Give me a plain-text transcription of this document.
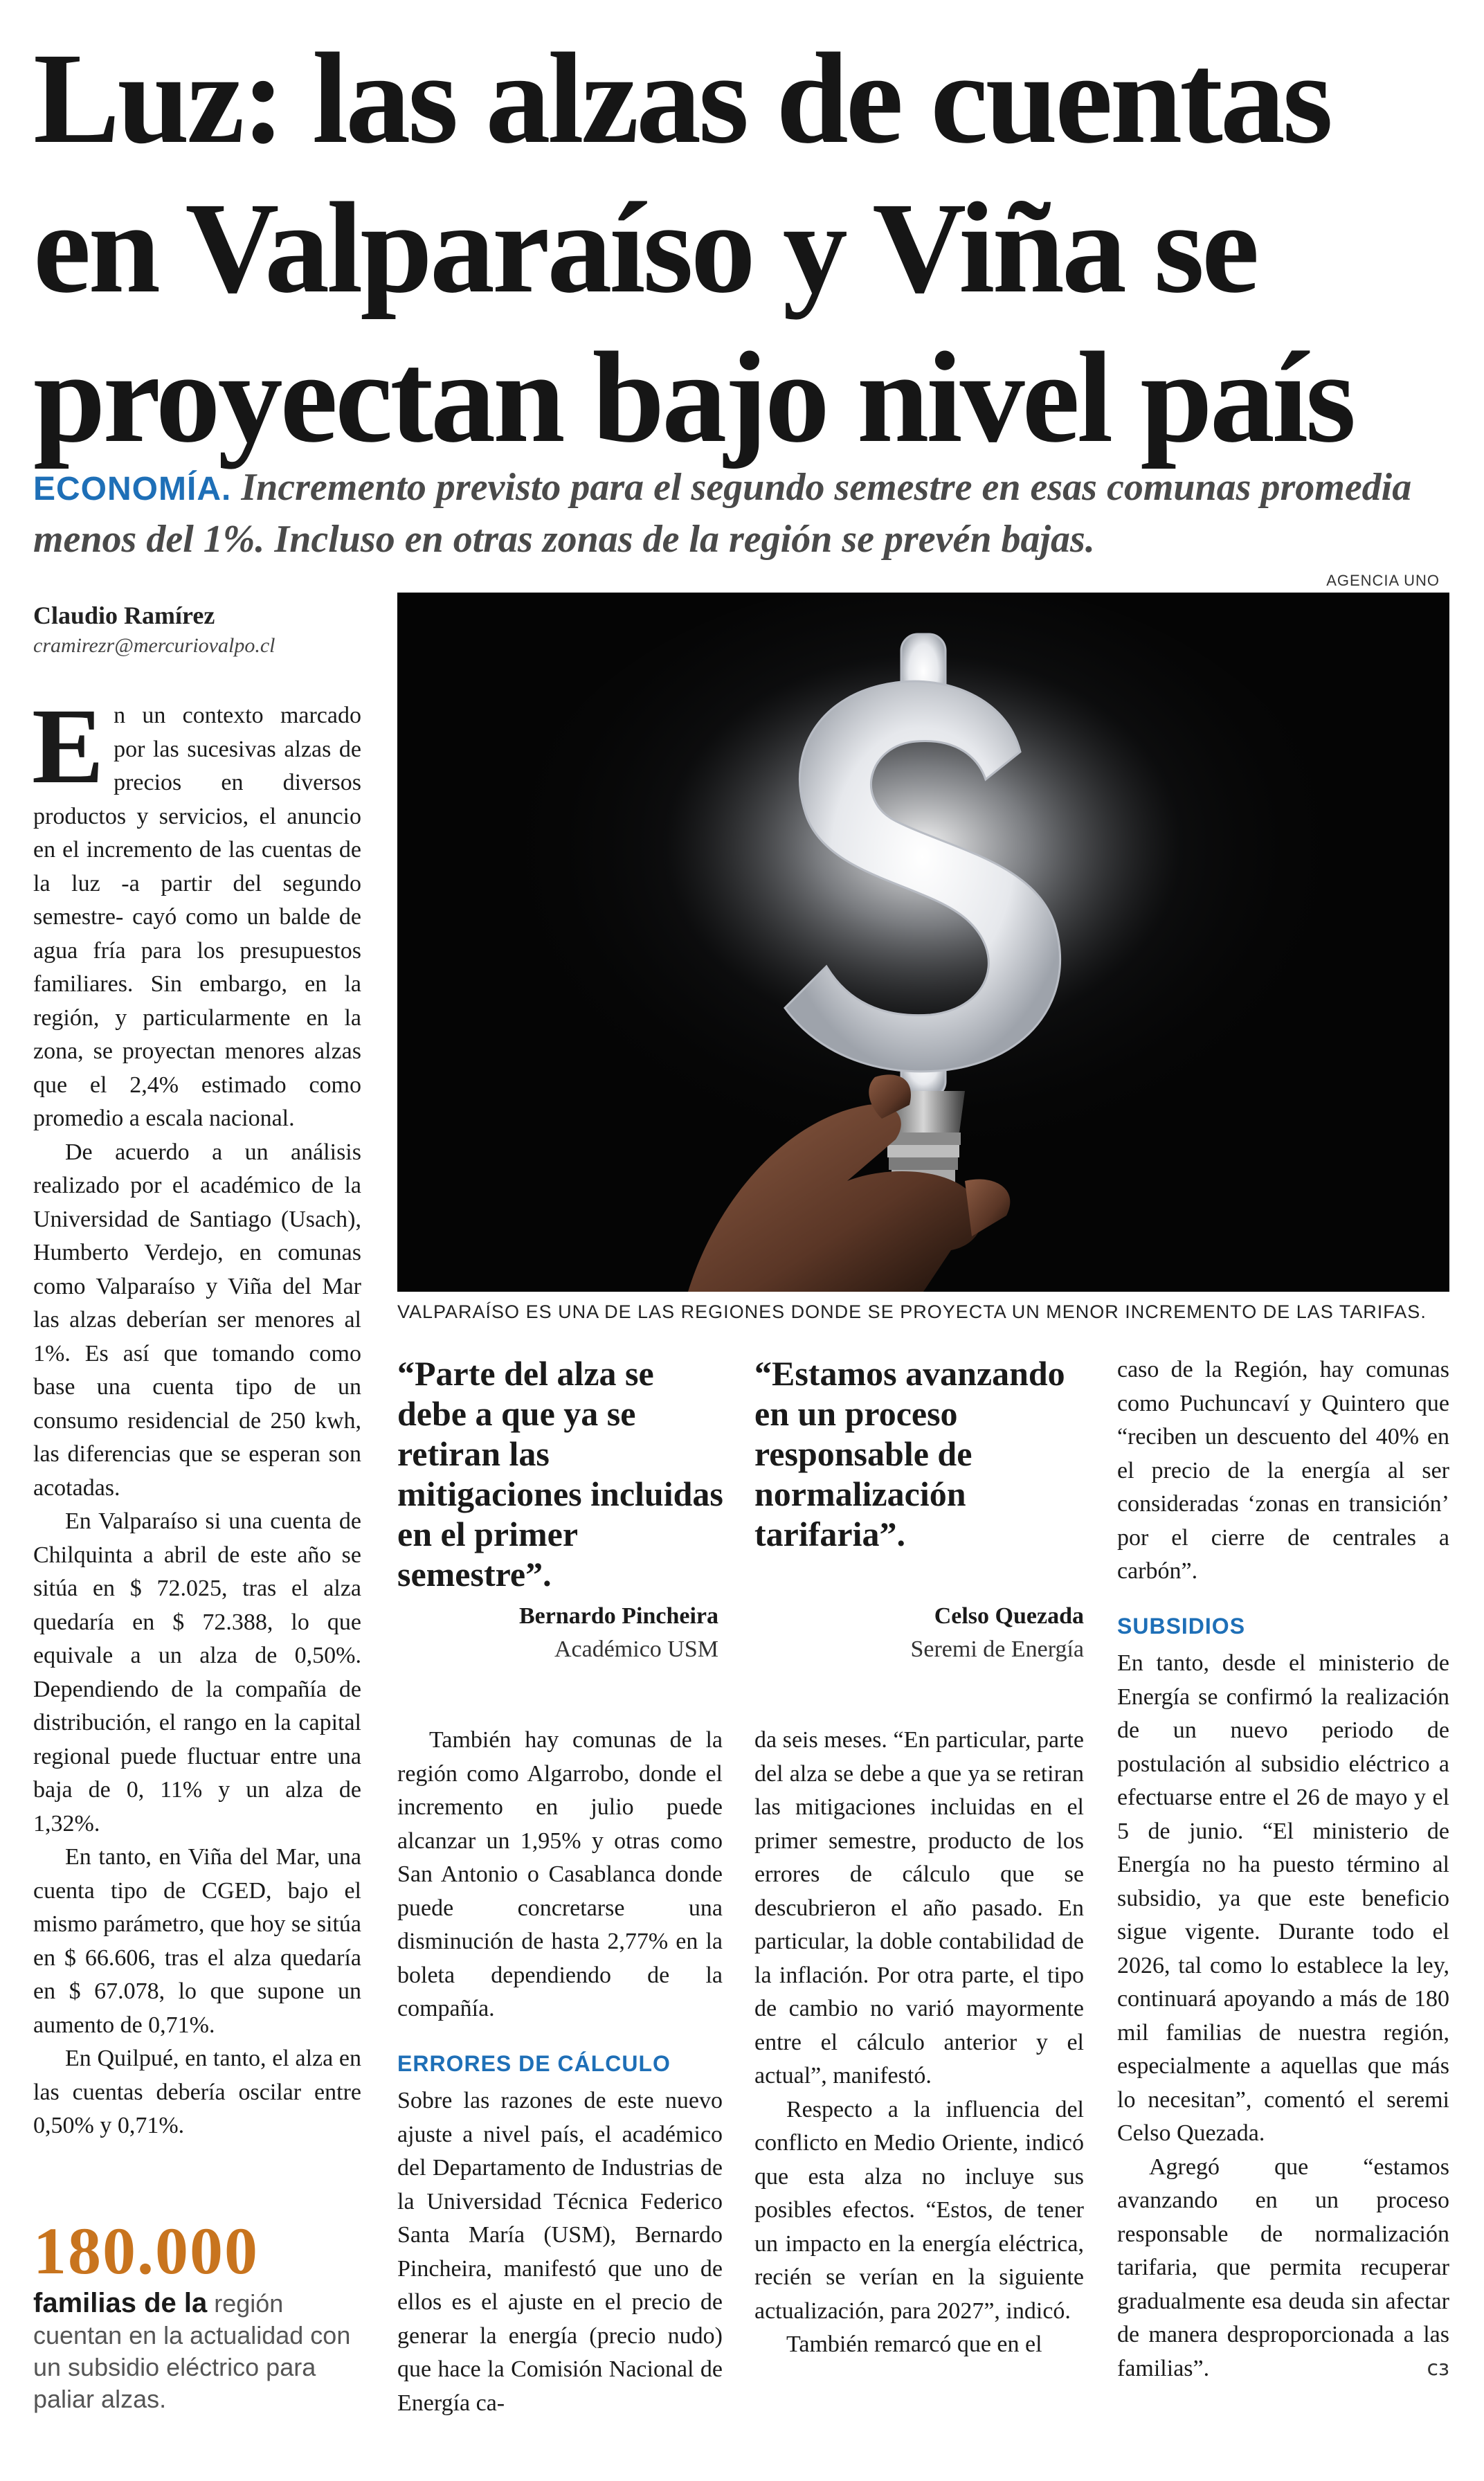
Luz: las alzas de cuentas
en Valparaíso y Viña se
proyectan bajo nivel país
ECONOMÍA. Incremento previsto para el segundo semestre en esas comunas promedia menos del 1%. Incluso en otras zonas de la región se prevén bajas.
AGENCIA UNO
Claudio Ramírez
cramirezr@mercuriovalpo.cl

En un contexto marcado por las sucesivas alzas de precios en diversos productos y servicios, el anuncio en el incremento de las cuentas de la luz -a partir del segundo semestre- cayó como un balde de agua fría para los presupuestos familiares. Sin embargo, en la región, y particularmente en la zona, se proyectan menores alzas que el 2,4% estimado como promedio a escala nacional.

De acuerdo a un análisis realizado por el académico de la Universidad de Santiago (Usach), Humberto Verdejo, en comunas como Valparaíso y Viña del Mar las alzas deberían ser menores al 1%. Es así que tomando como base una cuenta tipo de un consumo residencial de 250 kwh, las diferencias que se esperan son acotadas.

En Valparaíso si una cuenta de Chilquinta a abril de este año se sitúa en $ 72.025, tras el alza quedaría en $ 72.388, lo que equivale a un alza de 0,50%. Dependiendo de la compañía de distribución, el rango en la capital regional puede fluctuar entre una baja de 0, 11% y un alza de 1,32%.

En tanto, en Viña del Mar, una cuenta tipo de CGED, bajo el mismo parámetro, que hoy se sitúa en $ 66.606, tras el alza quedaría en $ 67.078, lo que supone un aumento de 0,71%.

En Quilpué, en tanto, el alza en las cuentas debería oscilar entre 0,50% y 0,71%.

180.000
familias de la región cuentan en la actualidad con un subsidio eléctrico para paliar alzas.
VALPARAÍSO ES UNA DE LAS REGIONES DONDE SE PROYECTA UN MENOR INCREMENTO DE LAS TARIFAS.
“Parte del alza se debe a que ya se retiran las mitigaciones incluidas en el primer semestre”.
Bernardo Pincheira
Académico USM
“Estamos avanzando en un proceso responsable de normalización tarifaria”.
Celso Quezada
Seremi de Energía

También hay comunas de la región como Algarrobo, donde el incremento en julio puede alcanzar un 1,95% y otras como San Antonio o Casablanca donde puede concretarse una disminución de hasta 2,77% en la boleta dependiendo de la compañía.

ERRORES DE CÁLCULO

Sobre las razones de este nuevo ajuste a nivel país, el académico del Departamento de Industrias de la Universidad Técnica Federico Santa María (USM), Bernardo Pincheira, manifestó que uno de ellos es el ajuste en el precio de generar la energía (precio nudo) que hace la Comisión Nacional de Energía ca-

da seis meses. “En particular, parte del alza se debe a que ya se retiran las mitigaciones incluidas en el primer semestre, producto de los errores de cálculo que se descubrieron el año pasado. En particular, la doble contabilidad de la inflación. Por otra parte, el tipo de cambio no varió mayormente entre el cálculo anterior y el actual”, manifestó.

Respecto a la influencia del conflicto en Medio Oriente, indicó que esta alza no incluye sus posibles efectos. “Estos, de tener un impacto en la energía eléctrica, recién se verían en la siguiente actualización, para 2027”, indicó.

También remarcó que en el

caso de la Región, hay comunas como Puchuncaví y Quintero que “reciben un descuento del 40% en el precio de la energía al ser consideradas ‘zonas en transición’ por el cierre de centrales a carbón”.

SUBSIDIOS

En tanto, desde el ministerio de Energía se confirmó la realización de un nuevo periodo de postulación al subsidio eléctrico a efectuarse entre el 26 de mayo y el 5 de junio. “El ministerio de Energía no ha puesto término al subsidio, ya que este beneficio sigue vigente. Durante todo el 2026, tal como lo establece la ley, continuará apoyando a más de 180 mil familias de nuestra región, especialmente a aquellas que más lo necesitan”, comentó el seremi Celso Quezada.

Agregó que “estamos avanzando en un proceso responsable de normalización tarifaria, que permita recuperar gradualmente esa deuda sin afectar de manera desproporcionada a las familias”.	cз
